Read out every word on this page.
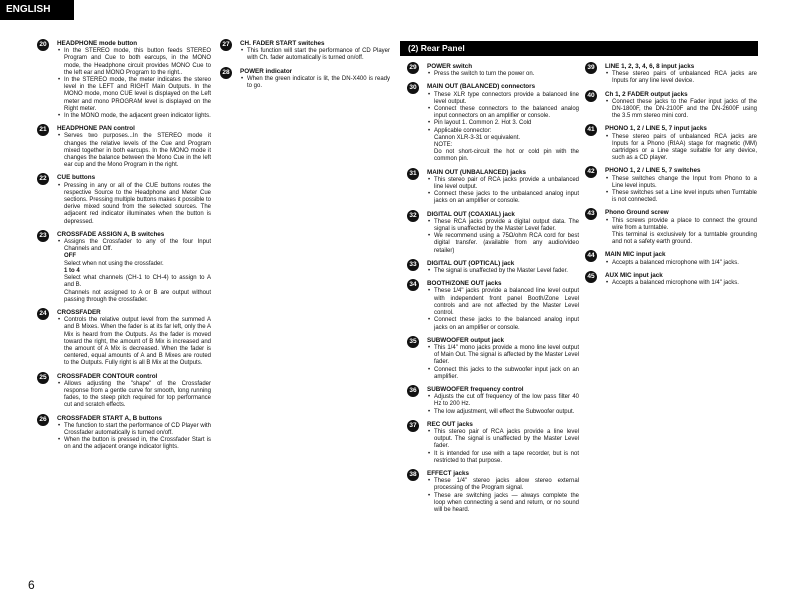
ENGLISH
(2) Rear Panel
20	HEADPHONE mode button
• In the STEREO mode, this button feeds STEREO Program and Cue to both earcups, in the MONO mode, the Headphone circuit provides MONO Cue to the left ear and MONO Program to the right..
• In the STEREO mode, the meter indicates the stereo level in the LEFT and RIGHT Main Outputs. In the MONO mode, mono CUE level is displayed on the Left meter and mono PROGRAM level is displayed on the Right meter.
• In the MONO mode, the adjacent green indicator lights.
21	HEADPHONE PAN control
• Serves two purposes...In the STEREO mode it changes the relative levels of the Cue and Program mixed together in both earcups. In the MONO mode it changes the balance between the Mono Cue in the left ear cup and the Mono Program in the right.
22	CUE buttons
• Pressing in any or all of the CUE buttons routes the respective Source to the Headphone and Meter Cue sections. Pressing multiple buttons makes it possible to derive mixed sound from the selected sources. The adjacent red indicator illuminates when the button is depressed.
23	CROSSFADE ASSIGN A, B switches
• Assigns the Crossfader to any of the four Input Channels and Off.
OFF
Select when not using the crossfader.
1 to 4
Select what channels (CH-1 to CH-4) to assign to A and B.
Channels not assigned to A or B are output without passing through the crossfader.
24	CROSSFADER
• Controls the relative output level from the summed A and B Mixes. When the fader is at its far left, only the A Mix is heard from the Outputs. As the fader is moved toward the right, the amount of B Mix is increased and the amount of A Mix is decreased. When the fader is centered, equal amounts of A and B Mixes are routed to the Outputs. Fully right is all B Mix at the Outputs.
25	CROSSFADER CONTOUR control
• Allows adjusting the "shape" of the Crossfader response from a gentle curve for smooth, long running fades, to the steep pitch required for top performance cut and scratch effects.
26	CROSSFADER START A, B buttons
• The function to start the performance of CD Player with Crossfader automatically is turned on/off.
• When the button is pressed in, the Crossfader Start is on and the adjacent orange indicator lights.
27	CH. FADER START switches
• This function will start the performance of CD Player with Ch. fader automatically is turned on/off.
28	POWER indicator
• When the green indicator is lit, the DN-X400 is ready to go.
29	POWER switch
• Press the switch to turn the power on.
30	MAIN OUT (BALANCED) connectors
• These XLR type connectors provide a balanced line level output.
• Connect these connectors to the balanced analog input connectors on an amplifier or console.
• Pin layout 1. Common 2. Hot 3. Cold
• Applicable connector:
Cannon XLR-3-31 or equivalent.
NOTE:
Do not short-circuit the hot or cold pin with the common pin.
31	MAIN OUT (UNBALANCED) jacks
• This stereo pair of RCA jacks provide a unbalanced line level output.
• Connect these jacks to the unbalanced analog input jacks on an amplifier or console.
32	DIGITAL OUT (COAXIAL) jack
• These RCA jacks provide a digital output data. The signal is unaffected by the Master Level fader.
• We recommend using a 75Ω/ohm RCA cord for best digital transfer. (available from any audio/video retailer)
33	DIGITAL OUT (OPTICAL) jack
• The signal is unaffected by the Master Level fader.
34	BOOTH/ZONE OUT jacks
• These 1/4" jacks provide a balanced line level output with independent front panel Booth/Zone Level controls and are not affected by the Master Level control.
• Connect these jacks to the balanced analog input jacks on an amplifier or console.
35	SUBWOOFER output jack
• This 1/4" mono jacks provide a mono line level output of Main Out. The signal is affected by the Master Level fader.
• Connect this jacks to the subwoofer input jack on an amplifier.
36	SUBWOOFER frequency control
• Adjusts the cut off frequency of the low pass filter 40 Hz to 200 Hz.
• The low adjustment, will effect the Subwoofer output.
37	REC OUT jacks
• This stereo pair of RCA jacks provide a line level output. The signal is unaffected by the Master Level fader.
• It is intended for use with a tape recorder, but is not restricted to that purpose.
38	EFFECT jacks
• These 1/4" stereo jacks allow stereo external processing of the Program signal.
• These are switching jacks — always complete the loop when connecting a send and return, or no sound will be heard.
39	LINE 1, 2, 3, 4, 6, 8 input jacks
• These stereo pairs of unbalanced RCA jacks are Inputs for any line level device.
40	Ch 1, 2 FADER output jacks
• Connect these jacks to the Fader input jacks of the DN-1800F, the DN-2100F and the DN-2600F using the 3.5 mm stereo mini cord.
41	PHONO 1, 2 / LINE 5, 7 input jacks
• These stereo pairs of unbalanced RCA jacks are Inputs for a Phono (RIAA) stage for magnetic (MM) cartridges or a Line stage suitable for any device, such as a CD player.
42	PHONO 1, 2 / LINE 5, 7 switches
• These switches change the Input from Phono to a Line level inputs.
• These switches set a Line level inputs when Turntable is not connected.
43	Phono Ground screw
• This screws provide a place to connect the ground wire from a turntable.
This terminal is exclusively for a turntable grounding and not a safety earth ground.
44	MAIN MIC input jack
• Accepts a balanced microphone with 1/4" jacks.
45	AUX MIC input jack
• Accepts a balanced microphone with 1/4" jacks.
6
